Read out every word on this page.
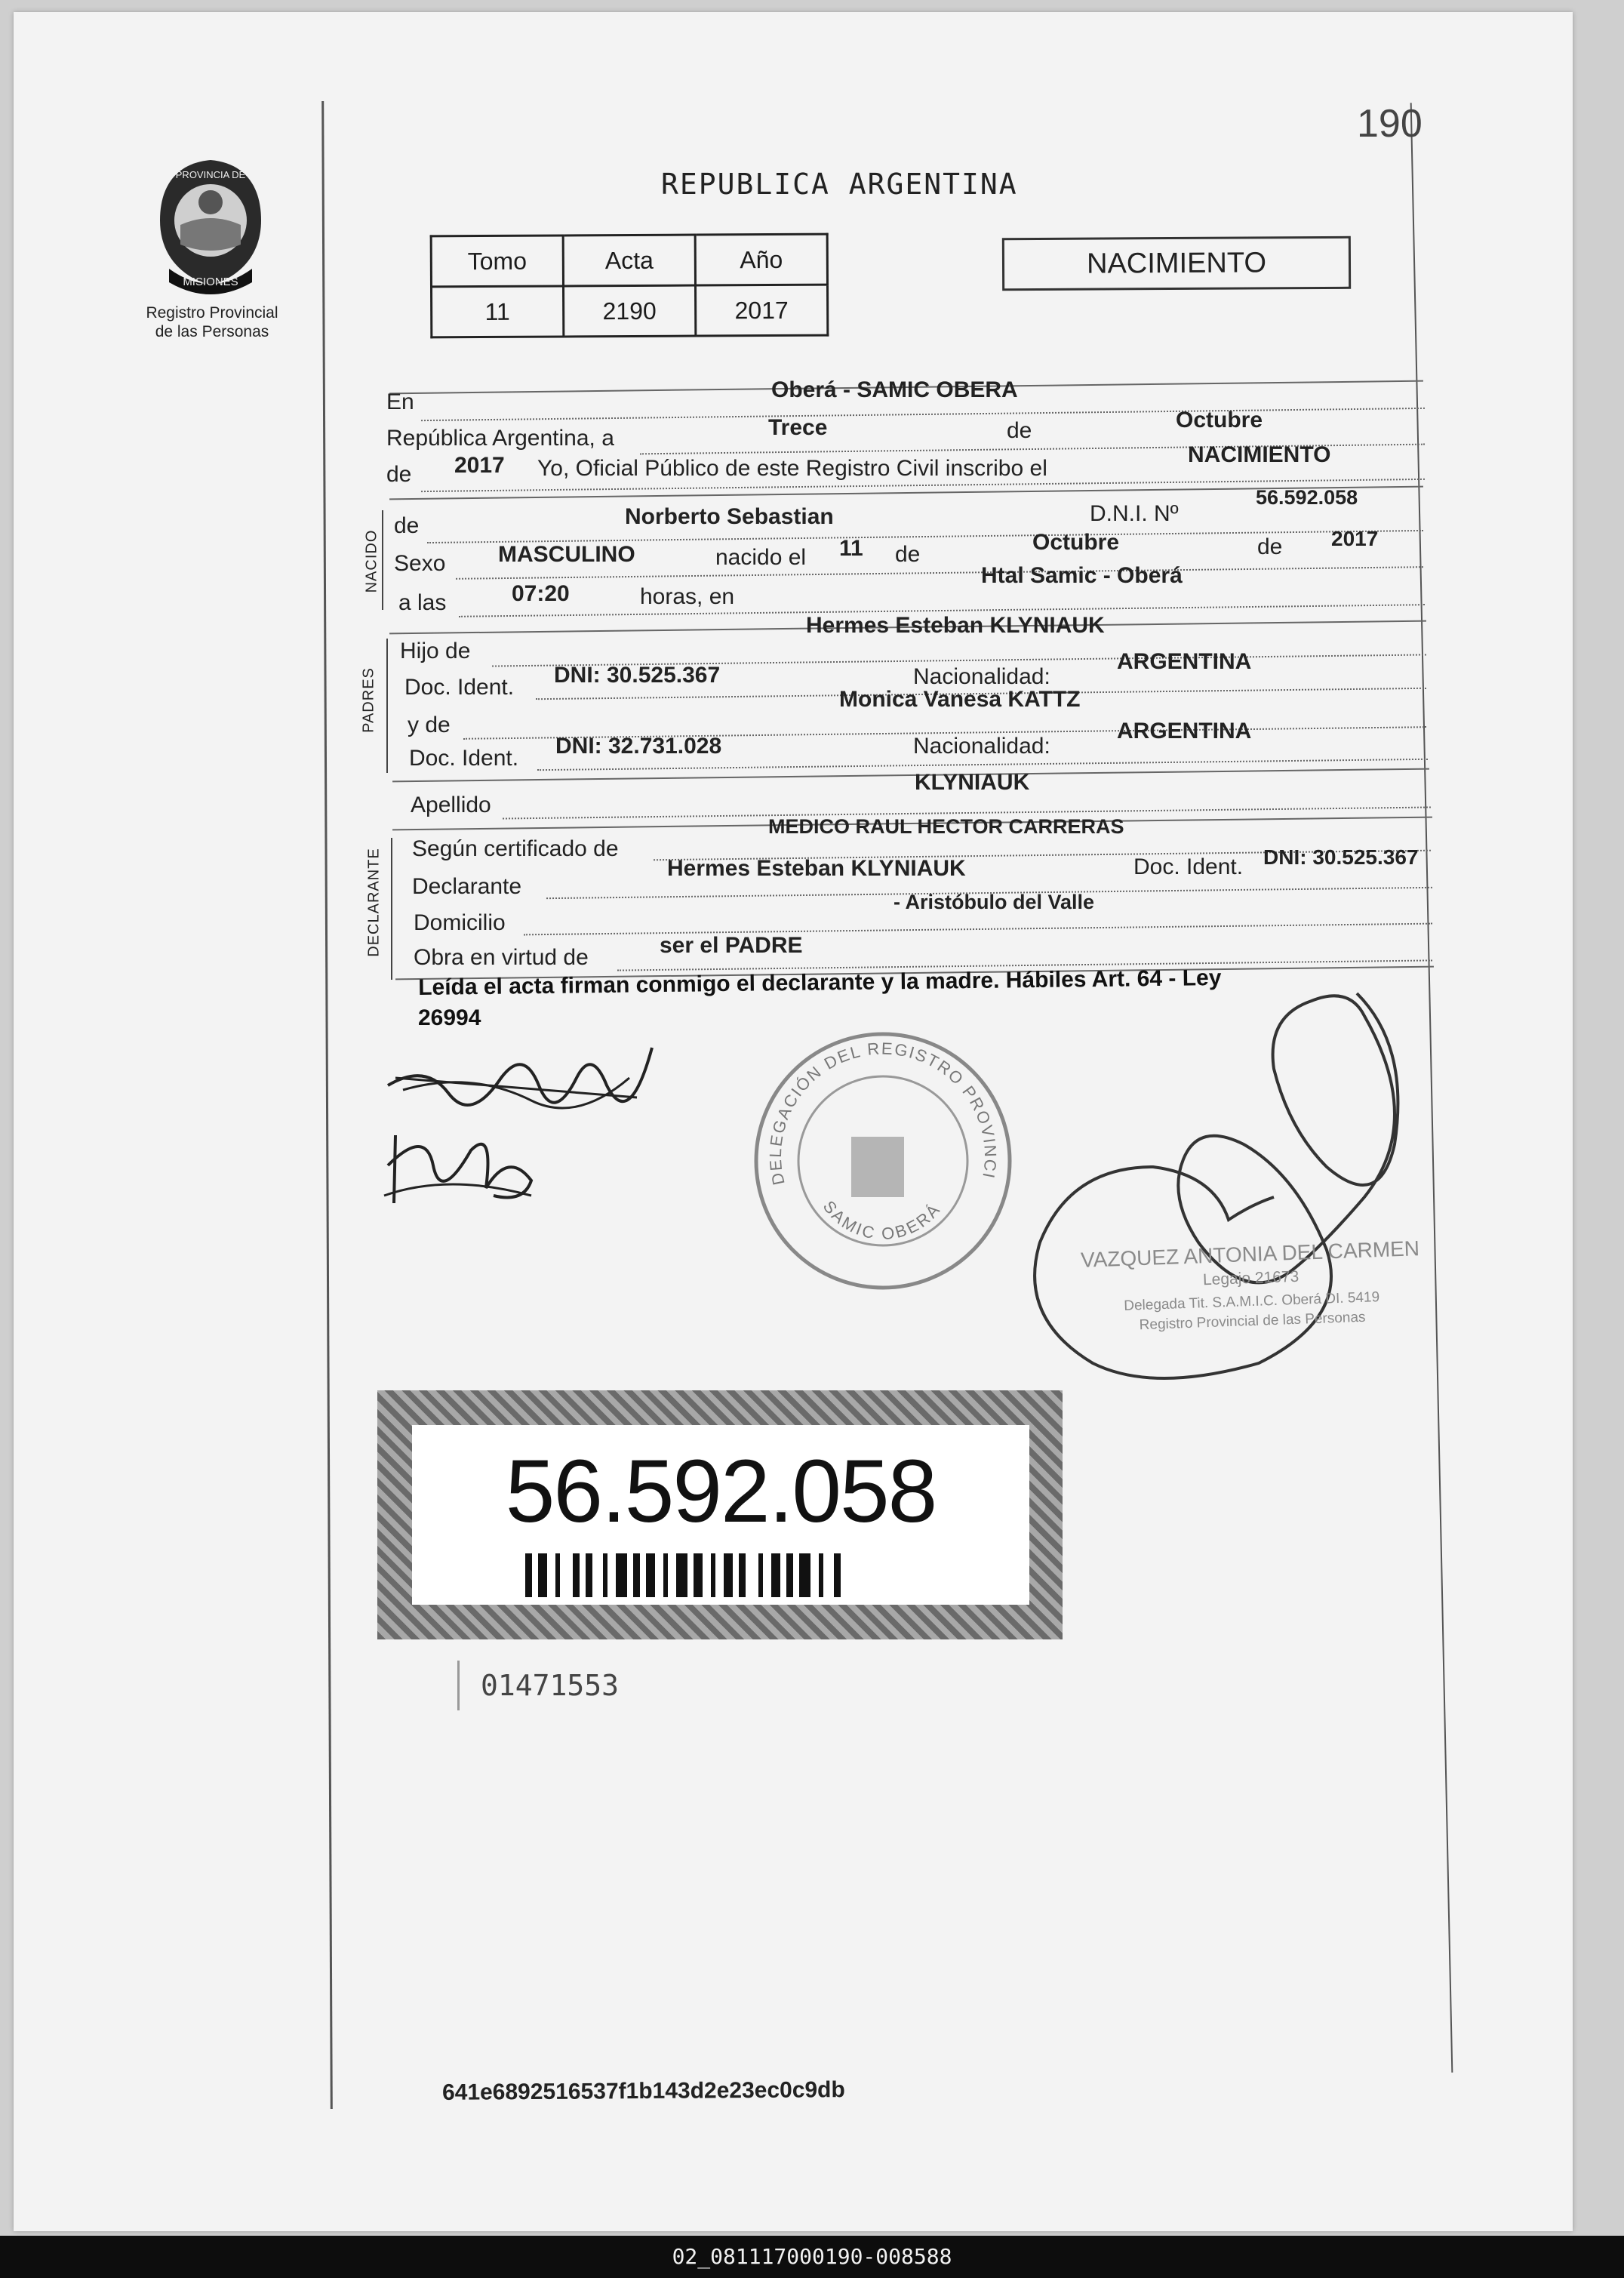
190
REPUBLICA ARGENTINA
PROVINCIA DE
MISIONES
Registro Provincial
de las Personas
Tomo	Acta	Año
11	2190	2017
NACIMIENTO
En	Oberá - SAMIC OBERA
República Argentina, a	Trece	de	Octubre
de 2017 Yo, Oficial Público de este Registro Civil inscribo el
NACIMIENTO
NACIDO
de	Norberto Sebastian	D.N.I. Nº
56.592.058
Sexo MASCULINO	nacido el 11 de	Octubre	de 2017
a las	07:20	horas, en
Htal Samic - Oberá
PADRES
Hijo de
Hermes Esteban KLYNIAUK
Doc. Ident. DNI: 30.525.367	Nacionalidad:
ARGENTINA
y de
Monica Vanesa KATTZ
Doc. Ident. DNI: 32.731.028	Nacionalidad:
ARGENTINA
Apellido
KLYNIAUK
DECLARANTE Según certificado de
MEDICO RAUL HECTOR CARRERAS
Declarante
Hermes Esteban KLYNIAUK	Doc. Ident. DNI: 30.525.367
Domicilio
- Aristóbulo del Valle
Obra en virtud de	ser el PADRE
Leída el acta firman conmigo el declarante y la madre. Hábiles Art. 64 - Ley
26994
DELEGACIÓN DEL REGISTRO PROVINCI
SAMIC OBERÁ
VAZQUEZ ANTONIA DEL CARMEN
Legajo 21673
Delegada Tit. S.A.M.I.C. Oberá DI. 5419
Registro Provincial de las Personas
56.592.058
01471553
641e6892516537f1b143d2e23ec0c9db
02_081117000190-008588
